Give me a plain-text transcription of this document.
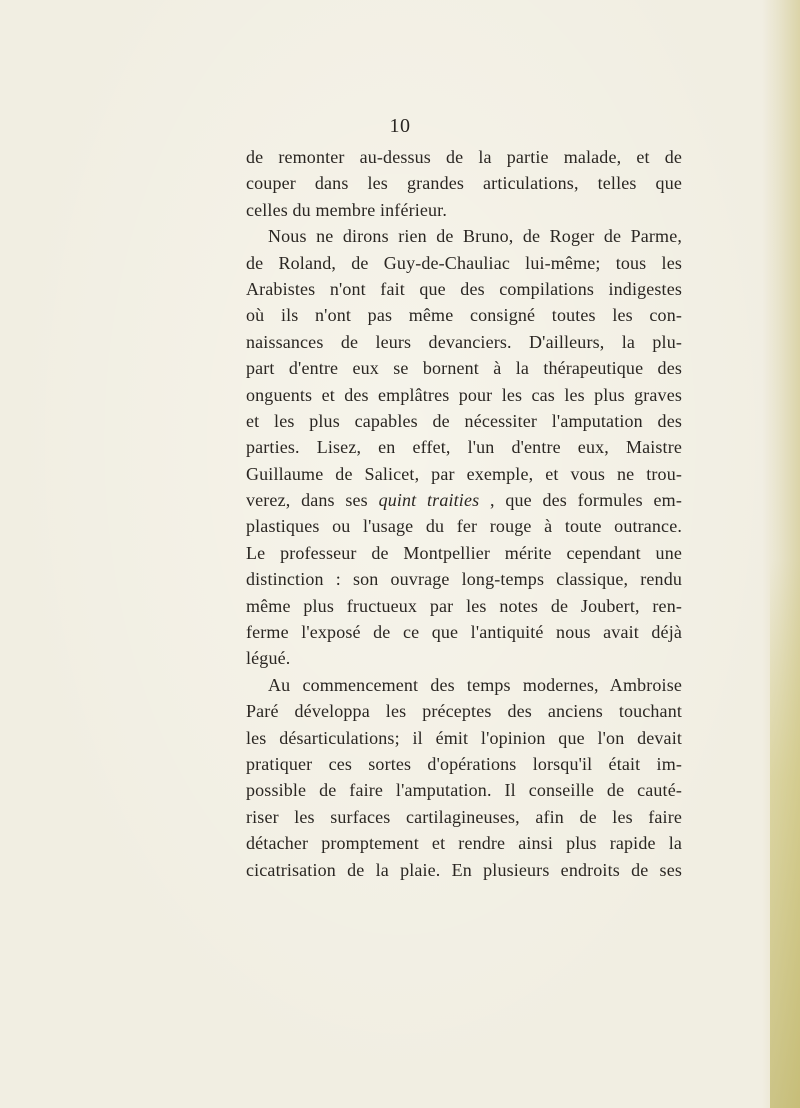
10
de remonter au-dessus de la partie malade, et de
couper dans les grandes articulations, telles que
celles du membre inférieur.
Nous ne dirons rien de Bruno, de Roger de Parme,
de Roland, de Guy-de-Chauliac lui-même; tous les
Arabistes n'ont fait que des compilations indigestes
où ils n'ont pas même consigné toutes les con-
naissances de leurs devanciers. D'ailleurs, la plu-
part d'entre eux se bornent à la thérapeutique des
onguents et des emplâtres pour les cas les plus graves
et les plus capables de nécessiter l'amputation des
parties. Lisez, en effet, l'un d'entre eux, Maistre
Guillaume de Salicet, par exemple, et vous ne trou-
verez, dans ses quint traities , que des formules em-
plastiques ou l'usage du fer rouge à toute outrance.
Le professeur de Montpellier mérite cependant une
distinction : son ouvrage long-temps classique, rendu
même plus fructueux par les notes de Joubert, ren-
ferme l'exposé de ce que l'antiquité nous avait déjà
légué.
Au commencement des temps modernes, Ambroise
Paré développa les préceptes des anciens touchant
les désarticulations; il émit l'opinion que l'on devait
pratiquer ces sortes d'opérations lorsqu'il était im-
possible de faire l'amputation. Il conseille de cauté-
riser les surfaces cartilagineuses, afin de les faire
détacher promptement et rendre ainsi plus rapide la
cicatrisation de la plaie. En plusieurs endroits de ses
